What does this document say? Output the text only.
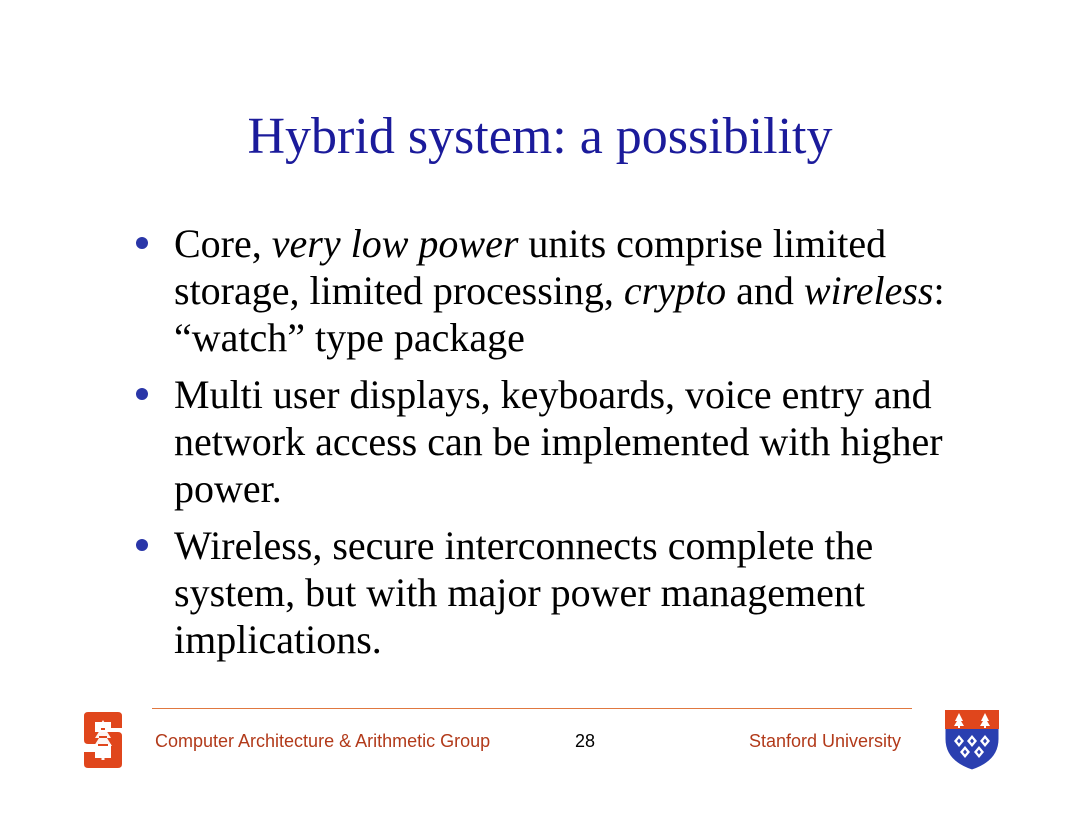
Hybrid system: a possibility
Core, very low power units comprise limited storage, limited processing, crypto and wireless: “watch” type package
Multi user displays, keyboards, voice entry and network access can be implemented with higher power.
Wireless, secure interconnects complete the system, but with major power management implications.
Computer Architecture & Arithmetic Group	28	Stanford University
